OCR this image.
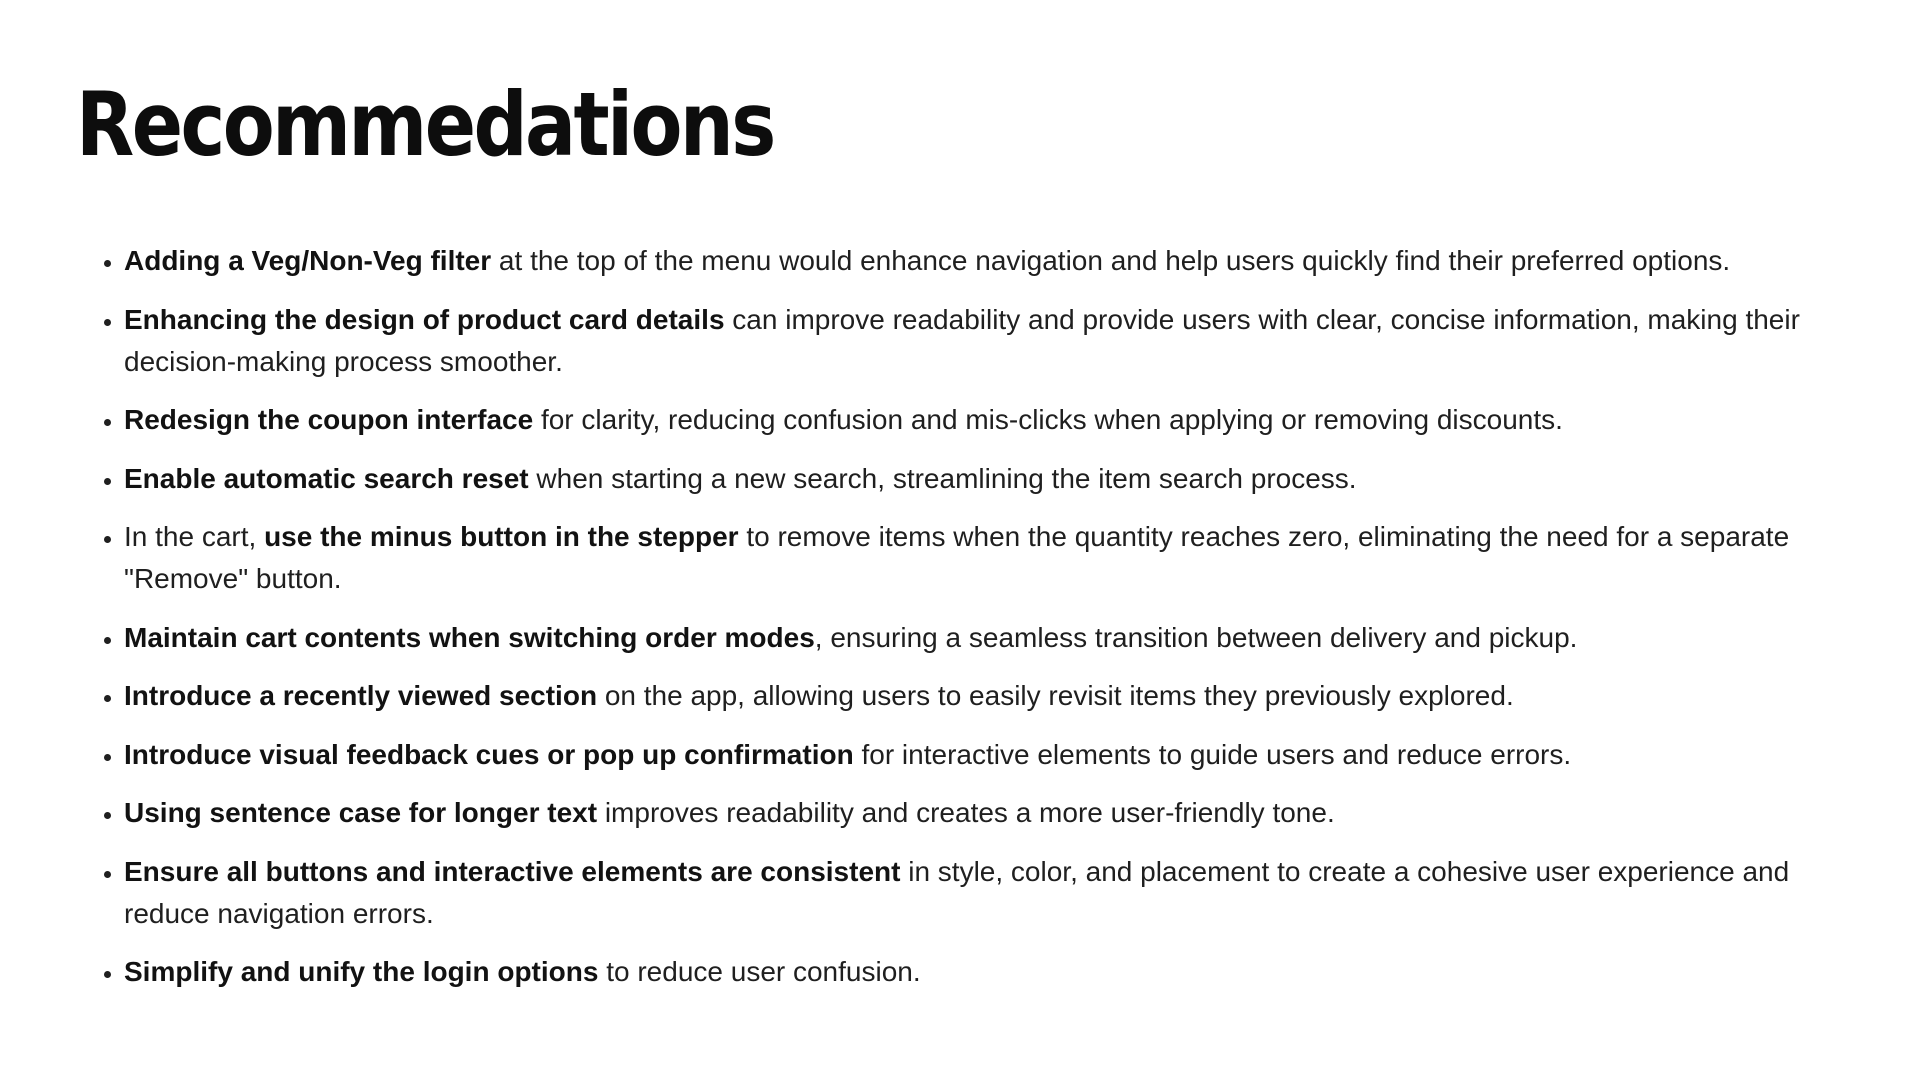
Recommedations
• Adding a Veg/Non-Veg filter at the top of the menu would enhance navigation and help users quickly find their preferred options.
• Enhancing the design of product card details can improve readability and provide users with clear, concise information, making their decision-making process smoother.
• Redesign the coupon interface for clarity, reducing confusion and mis-clicks when applying or removing discounts.
• Enable automatic search reset when starting a new search, streamlining the item search process.
• In the cart, use the minus button in the stepper to remove items when the quantity reaches zero, eliminating the need for a separate "Remove" button.
• Maintain cart contents when switching order modes, ensuring a seamless transition between delivery and pickup.
• Introduce a recently viewed section on the app, allowing users to easily revisit items they previously explored.
• Introduce visual feedback cues or pop up confirmation for interactive elements to guide users and reduce errors.
• Using sentence case for longer text improves readability and creates a more user-friendly tone.
• Ensure all buttons and interactive elements are consistent in style, color, and placement to create a cohesive user experience and reduce navigation errors.
• Simplify and unify the login options to reduce user confusion.
